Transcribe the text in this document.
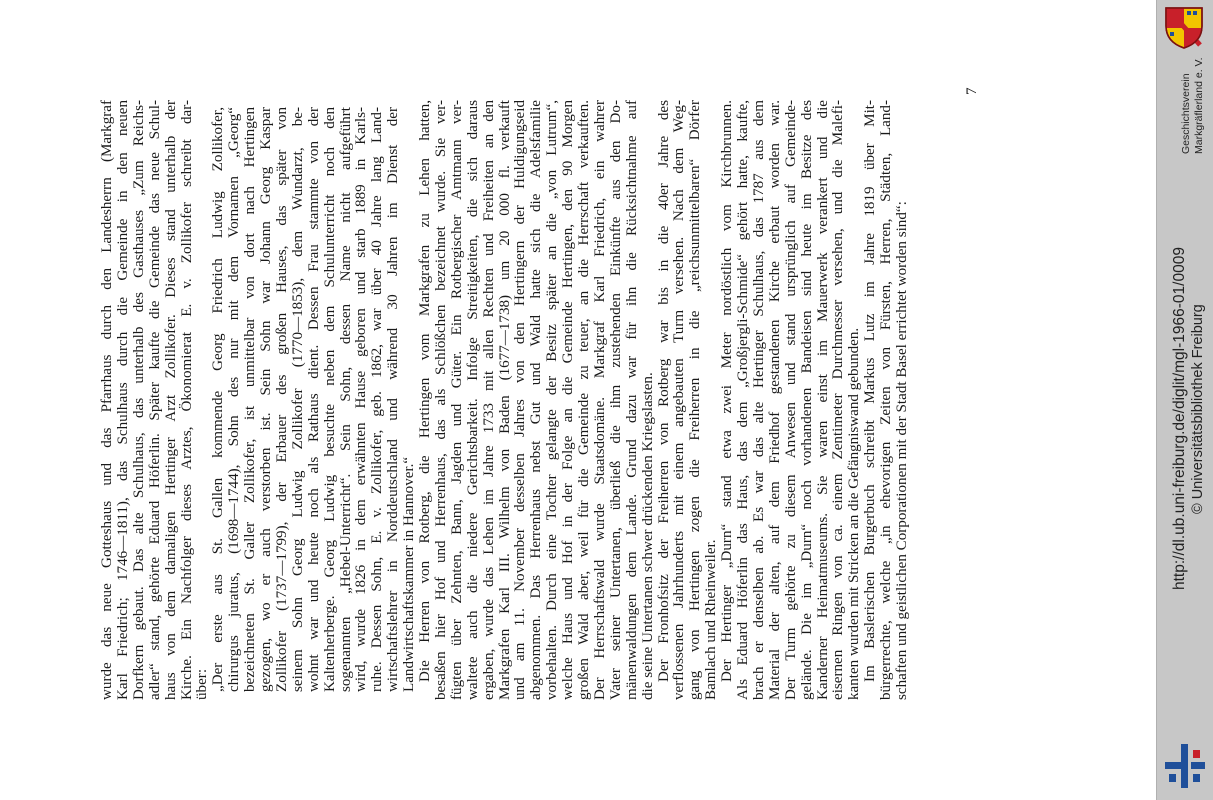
wurde das neue Gotteshaus und das Pfarrhaus durch den Landesherrn (Markgraf Karl Friedrich; 1746—1811), das Schulhaus durch die Gemeinde in den neuen Dorfkern gebaut. Das alte Schulhaus, das unterhalb des Gasthauses „Zum Reichs- adler“ stand, gehörte Eduard Höferlin. Später kaufte die Gemeinde das neue Schul- haus von dem damaligen Hertinger Arzt Zollikofer. Dieses stand unterhalb der Kirche. Ein Nachfolger dieses Arztes, Ökonomierat E. v. Zollikofer schreibt dar- über: „Der erste aus St. Gallen kommende Georg Friedrich Ludwig Zollikofer, chirurgus juratus, (1698—1744), Sohn des nur mit dem Vornamen „Georg“ bezeichneten St. Galler Zollikofer, ist unmittelbar von dort nach Hertingen gezogen, wo er auch verstorben ist. Sein Sohn war Johann Georg Kaspar Zollikofer (1737—1799), der Erbauer des großen Hauses, das später von seinem Sohn Georg Ludwig Zollikofer (1770—1853), dem Wundarzt, be- wohnt war und heute noch als Rathaus dient. Dessen Frau stammte von der Kaltenherberge. Georg Ludwig besuchte neben dem Schulunterricht noch den sogenannten „Hebel-Unterricht“. Sein Sohn, dessen Name nicht aufgeführt wird, wurde 1826 in dem erwähnten Hause geboren und starb 1889 in Karls- ruhe. Dessen Sohn, E. v. Zollikofer, geb. 1862, war über 40 Jahre lang Land- wirtschaftslehrer in Norddeutschland und während 30 Jahren im Dienst der Landwirtschaftskammer in Hannover.“ Die Herren von Rotberg, die Hertingen vom Markgrafen zu Lehen hatten, besaßen hier Hof und Herrenhaus, das als Schlößchen bezeichnet wurde. Sie ver- fügten über Zehnten, Bann, Jagden und Güter. Ein Rotbergischer Amtmann ver- waltete auch die niedere Gerichtsbarkeit. Infolge Streitigkeiten, die sich daraus ergaben, wurde das Lehen im Jahre 1733 mit allen Rechten und Freiheiten an den Markgrafen Karl III. Wilhelm von Baden (1677—1738) um 20 000 fl. verkauft und am 11. November desselben Jahres von den Hertingern der Huldigungseid abgenommen. Das Herrenhaus nebst Gut und Wald hatte sich die Adelsfamilie vorbehalten. Durch eine Tochter gelangte der Besitz später an die „von Lutrum“, welche Haus und Hof in der Folge an die Gemeinde Hertingen, den 90 Morgen großen Wald aber, weil für die Gemeinde zu teuer, an die Herrschaft verkauften. Der Herrschaftswald wurde Staatsdomäne. Markgraf Karl Friedrich, ein wahrer Vater seiner Untertanen, überließ die ihm zustehenden Einkünfte aus den Do- mänenwaldungen dem Lande. Grund dazu war für ihn die Rücksichtnahme auf die seine Untertanen schwer drückenden Kriegslasten. Der Fronhofsitz der Freiherren von Rotberg war bis in die 40er Jahre des verflossenen Jahrhunderts mit einem angebauten Turm versehen. Nach dem Weg- gang von Hertingen zogen die Freiherren in die „reichsunmittelbaren“ Dörfer Bamlach und Rheinweiler. Der Hertinger „Durn“ stand etwa zwei Meter nordöstlich vom Kirchbrunnen. Als Eduard Höferlin das Haus, das dem „Großjergli-Schmide“ gehört hatte, kaufte, brach er denselben ab. Es war das alte Hertinger Schulhaus, das 1787 aus dem Material der alten, auf dem Friedhof gestandenen Kirche erbaut worden war. Der Turm gehörte zu diesem Anwesen und stand ursprünglich auf Gemeinde- gelände. Die im „Durn“ noch vorhandenen Bandeisen sind heute im Besitze des Kanderner Heimatmuseums. Sie waren einst im Mauerwerk verankert und die eisernen Ringen von ca. einem Zentimeter Durchmesser versehen, und die Malefi- kanten wurden mit Stricken an die Gefängniswand gebunden. Im Baslerischen Burgerbuch schreibt Markus Lutz im Jahre 1819 über Mit- bürgerrechte, welche „in ehevorigen Zeiten von Fürsten, Herren, Städten, Land- schaften und geistlichen Corporationen mit der Stadt Basel errichtet worden sind“:
7	Geschichtsverein Markgräflerland e. V.
http://dl.ub.uni-freiburg.de/diglit/mgl-1966-01/0009 © Universitätsbibliothek Freiburg
